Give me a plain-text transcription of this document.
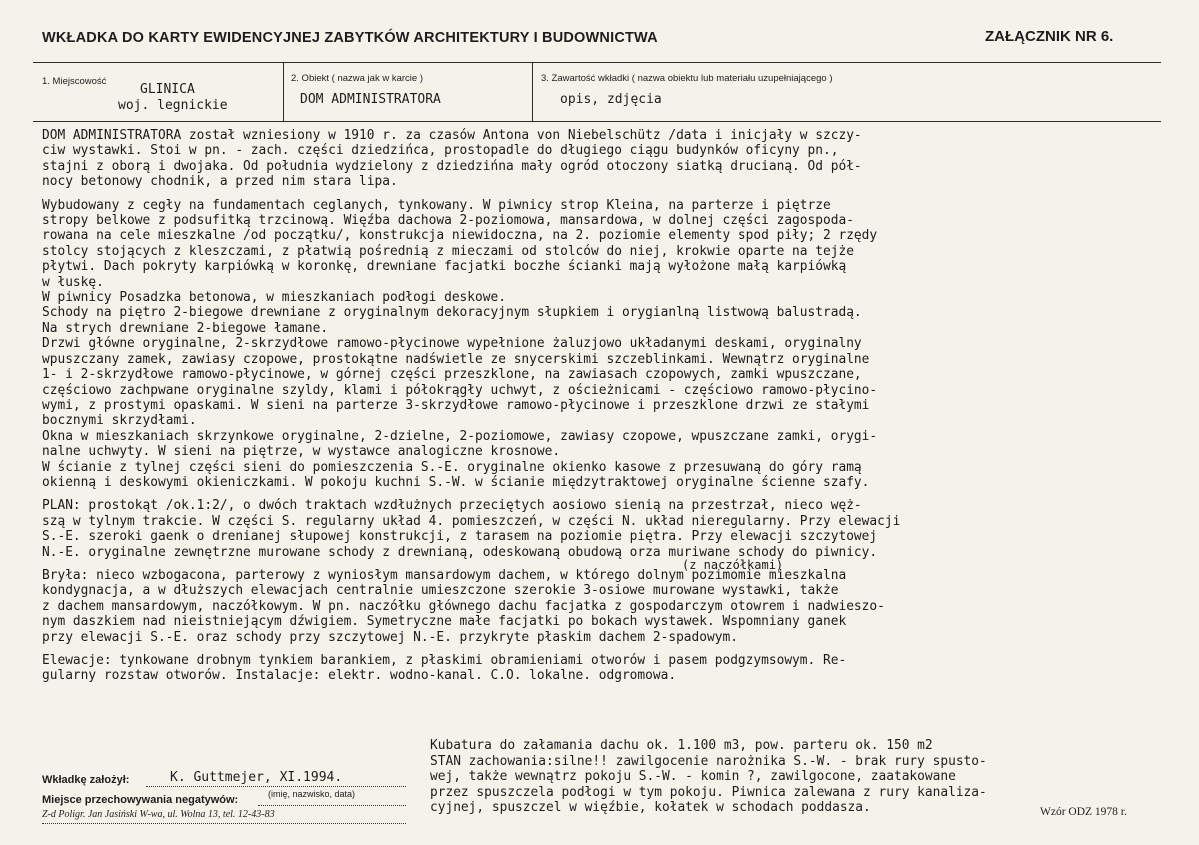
WKŁADKA DO KARTY EWIDENCYJNEJ ZABYTKÓW ARCHITEKTURY I BUDOWNICTWA	ZAŁĄCZNIK NR 6.
1. Miejscowość
GLINICA
woj. legnickie
2. Obiekt ( nazwa jak w karcie )
DOM ADMINISTRATORA
3. Zawartość wkładki ( nazwa obiektu lub materiału uzupełniającego )
opis, zdjęcia
DOM ADMINISTRATORA został wzniesiony w 1910 r. za czasów Antona von Niebelschütz /data i inicjały w szczy-
ciw wystawki. Stoi w pn. - zach. części dziedzińca, prostopadle do długiego ciągu budynków oficyny pn.,
stajni z oborą i dwojaka. Od południa wydzielony z dziedzińna mały ogród otoczony siatką drucianą. Od pół-
nocy betonowy chodnik, a przed nim stara lipa.
Wybudowany z cegły na fundamentach ceglanych, tynkowany. W piwnicy strop Kleina, na parterze i piętrze
stropy belkowe z podsufitką trzcinową. Więźba dachowa 2-poziomowa, mansardowa, w dolnej części zagospoda-
rowana na cele mieszkalne /od początku/, konstrukcja niewidoczna, na 2. poziomie elementy spod piły; 2 rzędy
stolcy stojących z kleszczami, z płatwią pośrednią z mieczami od stolców do niej, krokwie oparte na tejże
płytwi. Dach pokryty karpiówką w koronkę, drewniane facjatki boczhe ścianki mają wyłożone małą karpiówką
w łuskę.
W piwnicy Posadzka betonowa, w mieszkaniach podłogi deskowe.
Schody na piętro 2-biegowe drewniane z oryginalnym dekoracyjnym słupkiem i orygianlną listwową balustradą.
Na strych drewniane 2-biegowe łamane.
Drzwi główne oryginalne, 2-skrzydłowe ramowo-płycinowe wypełnione żaluzjowo układanymi deskami, oryginalny
wpuszczany zamek, zawiasy czopowe, prostokątne nadświetle ze snycerskimi szczeblinkami. Wewnątrz oryginalne
1- i 2-skrzydłowe ramowo-płycinowe, w górnej części przeszklone, na zawiasach czopowych, zamki wpuszczane,
częściowo zachpwane oryginalne szyldy, klami i półokrągły uchwyt, z ościeżnicami - częściowo ramowo-płycino-
wymi, z prostymi opaskami. W sieni na parterze 3-skrzydłowe ramowo-płycinowe i przeszklone drzwi ze stałymi
bocznymi skrzydłami.
Okna w mieszkaniach skrzynkowe oryginalne, 2-dzielne, 2-poziomowe, zawiasy czopowe, wpuszczane zamki, orygi-
nalne uchwyty. W sieni na piętrze, w wystawce analogiczne krosnowe.
W ścianie z tylnej części sieni do pomieszczenia S.-E. oryginalne okienko kasowe z przesuwaną do góry ramą
okienną i deskowymi okieniczkami. W pokoju kuchni S.-W. w ścianie międzytraktowej oryginalne ścienne szafy.
PLAN: prostokąt /ok.1:2/, o dwóch traktach wzdłużnych przeciętych aosiowo sienią na przestrzał, nieco węż-
szą w tylnym trakcie. W części S. regularny układ 4. pomieszczeń, w części N. układ nieregularny. Przy elewacji
S.-E. szeroki gaenk o drenianej słupowej konstrukcji, z tarasem na poziomie piętra. Przy elewacji szczytowej
N.-E. oryginalne zewnętrzne murowane schody z drewnianą, odeskowaną obudową orza muriwane schody do piwnicy.
(z naczółkami)
Bryła: nieco wzbogacona, parterowy z wyniosłym mansardowym dachem, w którego dolnym pozimomie mieszkalna
kondygnacja, a w dłuższych elewacjach centralnie umieszczone szerokie 3-osiowe murowane wystawki, także
z dachem mansardowym, naczółkowym. W pn. naczółku głównego dachu facjatka z gospodarczym otowrem i nadwieszo-
nym daszkiem nad nieistniejącym dźwigiem. Symetryczne małe facjatki po bokach wystawek. Wspomniany ganek
przy elewacji S.-E. oraz schody przy szczytowej N.-E. przykryte płaskim dachem 2-spadowym.
Elewacje: tynkowane drobnym tynkiem barankiem, z płaskimi obramieniami otworów i pasem podgzymsowym. Re-
gularny rozstaw otworów. Instalacje: elektr. wodno-kanal. C.O. lokalne. odgromowa.
Wkładkę założył:	K. Guttmejer, XI.1994.
(imię, nazwisko, data)
Miejsce przechowywania negatywów:
Z-d Poligr. Jan Jasiński W-wa, ul. Wolna 13, tel. 12-43-83
Kubatura do załamania dachu ok. 1.100 m3, pow. parteru ok. 150 m2
STAN zachowania:silne!! zawilgocenie narożnika S.-W. - brak rury spusto-
wej, także wewnątrz pokoju S.-W. - komin ?, zawilgocone, zaatakowane
przez spuszczela podłogi w tym pokoju. Piwnica zalewana z rury kanaliza-
cyjnej, spuszczel w więźbie, kołatek w schodach poddasza.	Wzór ODZ 1978 r.
